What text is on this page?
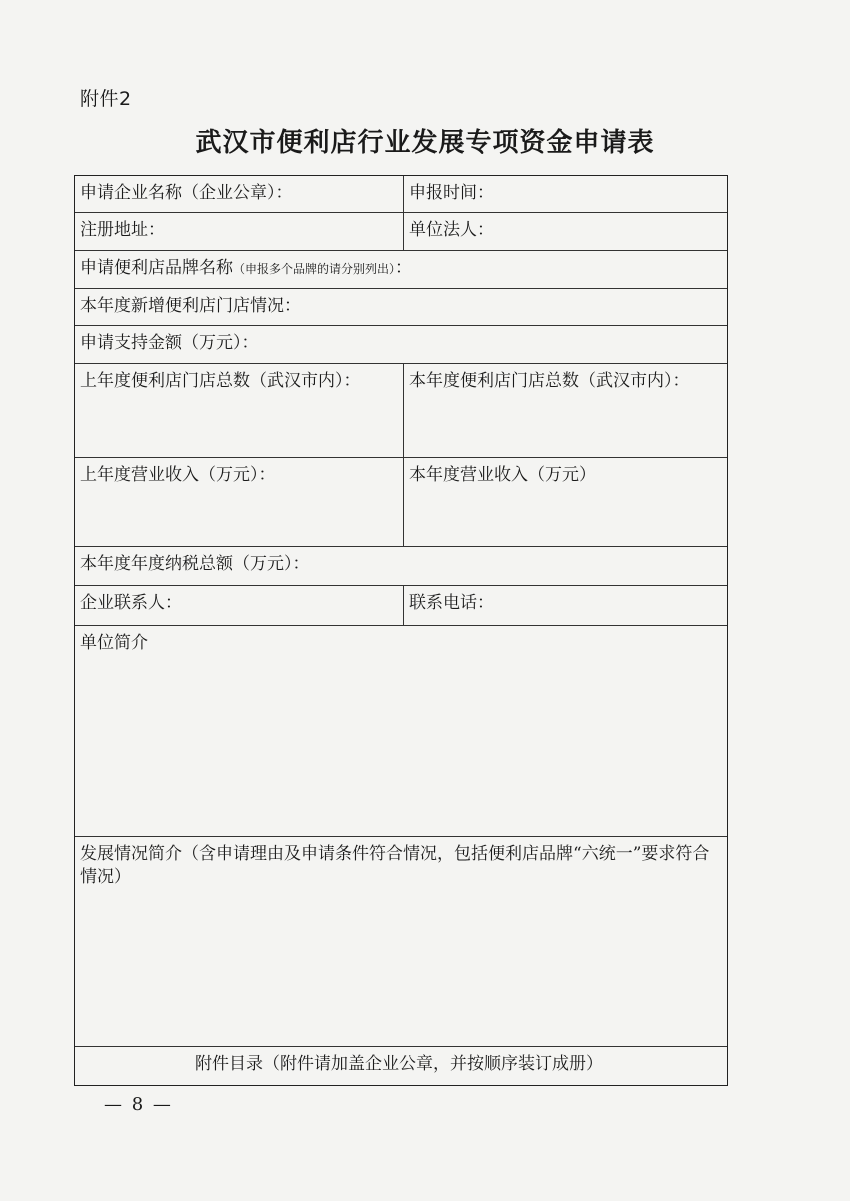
附件2
武汉市便利店行业发展专项资金申请表
申请企业名称（企业公章）：	申报时间：
注册地址：	单位法人：
申请便利店品牌名称（申报多个品牌的请分别列出）：
本年度新增便利店门店情况：
申请支持金额（万元）：
上年度便利店门店总数（武汉市内）：	本年度便利店门店总数（武汉市内）：
上年度营业收入（万元）：	本年度营业收入（万元）
本年度年度纳税总额（万元）：
企业联系人：	联系电话：
单位简介
发展情况简介（含申请理由及申请条件符合情况，包括便利店品牌“六统一”要求符合情况）
附件目录（附件请加盖企业公章，并按顺序装订成册）
— 8 —
